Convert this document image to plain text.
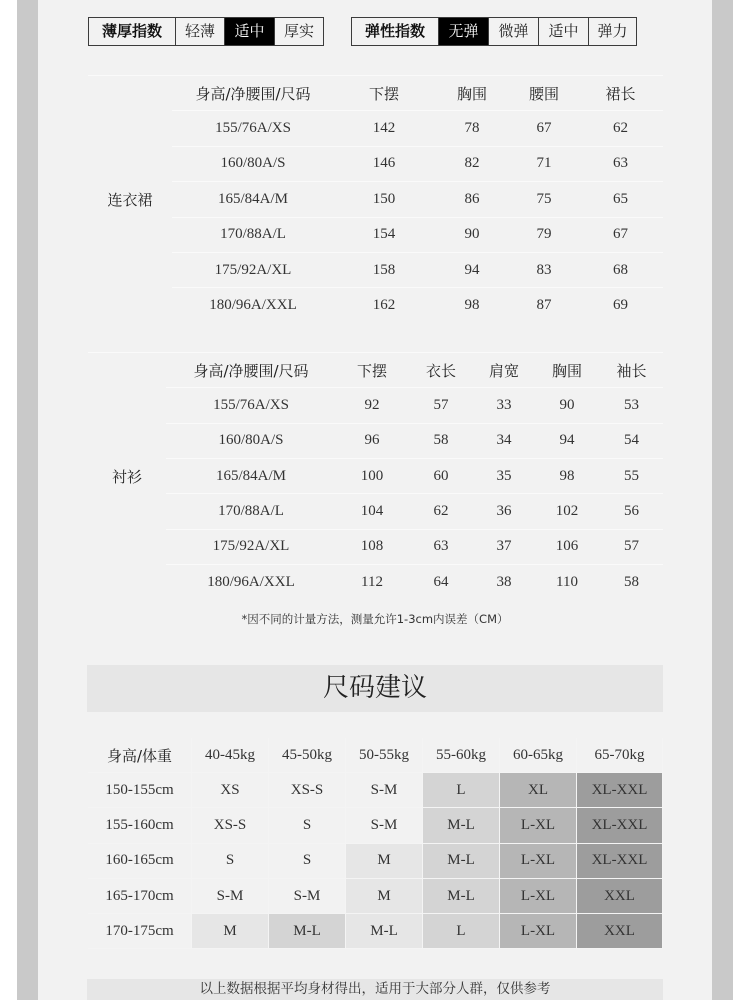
薄厚指数	轻薄	适中	厚实	弹性指数	无弹	微弹	适中	弹力
连衣裙
身高/净腰围/尺码	下摆	胸围	腰围	裙长
155/76A/XS	142	78	67	62
160/80A/S	146	82	71	63
165/84A/M	150	86	75	65
170/88A/L	154	90	79	67
175/92A/XL	158	94	83	68
180/96A/XXL	162	98	87	69
衬衫
身高/净腰围/尺码	下摆	衣长	肩宽	胸围	袖长
155/76A/XS	92	57	33	90	53
160/80A/S	96	58	34	94	54
165/84A/M	100	60	35	98	55
170/88A/L	104	62	36	102	56
175/92A/XL	108	63	37	106	57
180/96A/XXL	112	64	38	110	58
*因不同的计量方法，测量允许1-3cm内误差（CM）
尺码建议
身高/体重	40-45kg	45-50kg	50-55kg	55-60kg	60-65kg	65-70kg
150-155cm	XS	XS-S	S-M	L	XL	XL-XXL
155-160cm	XS-S	S	S-M	M-L	L-XL	XL-XXL
160-165cm	S	S	M	M-L	L-XL	XL-XXL
165-170cm	S-M	S-M	M	M-L	L-XL	XXL
170-175cm	M	M-L	M-L	L	L-XL	XXL
以上数据根据平均身材得出，适用于大部分人群，仅供参考
